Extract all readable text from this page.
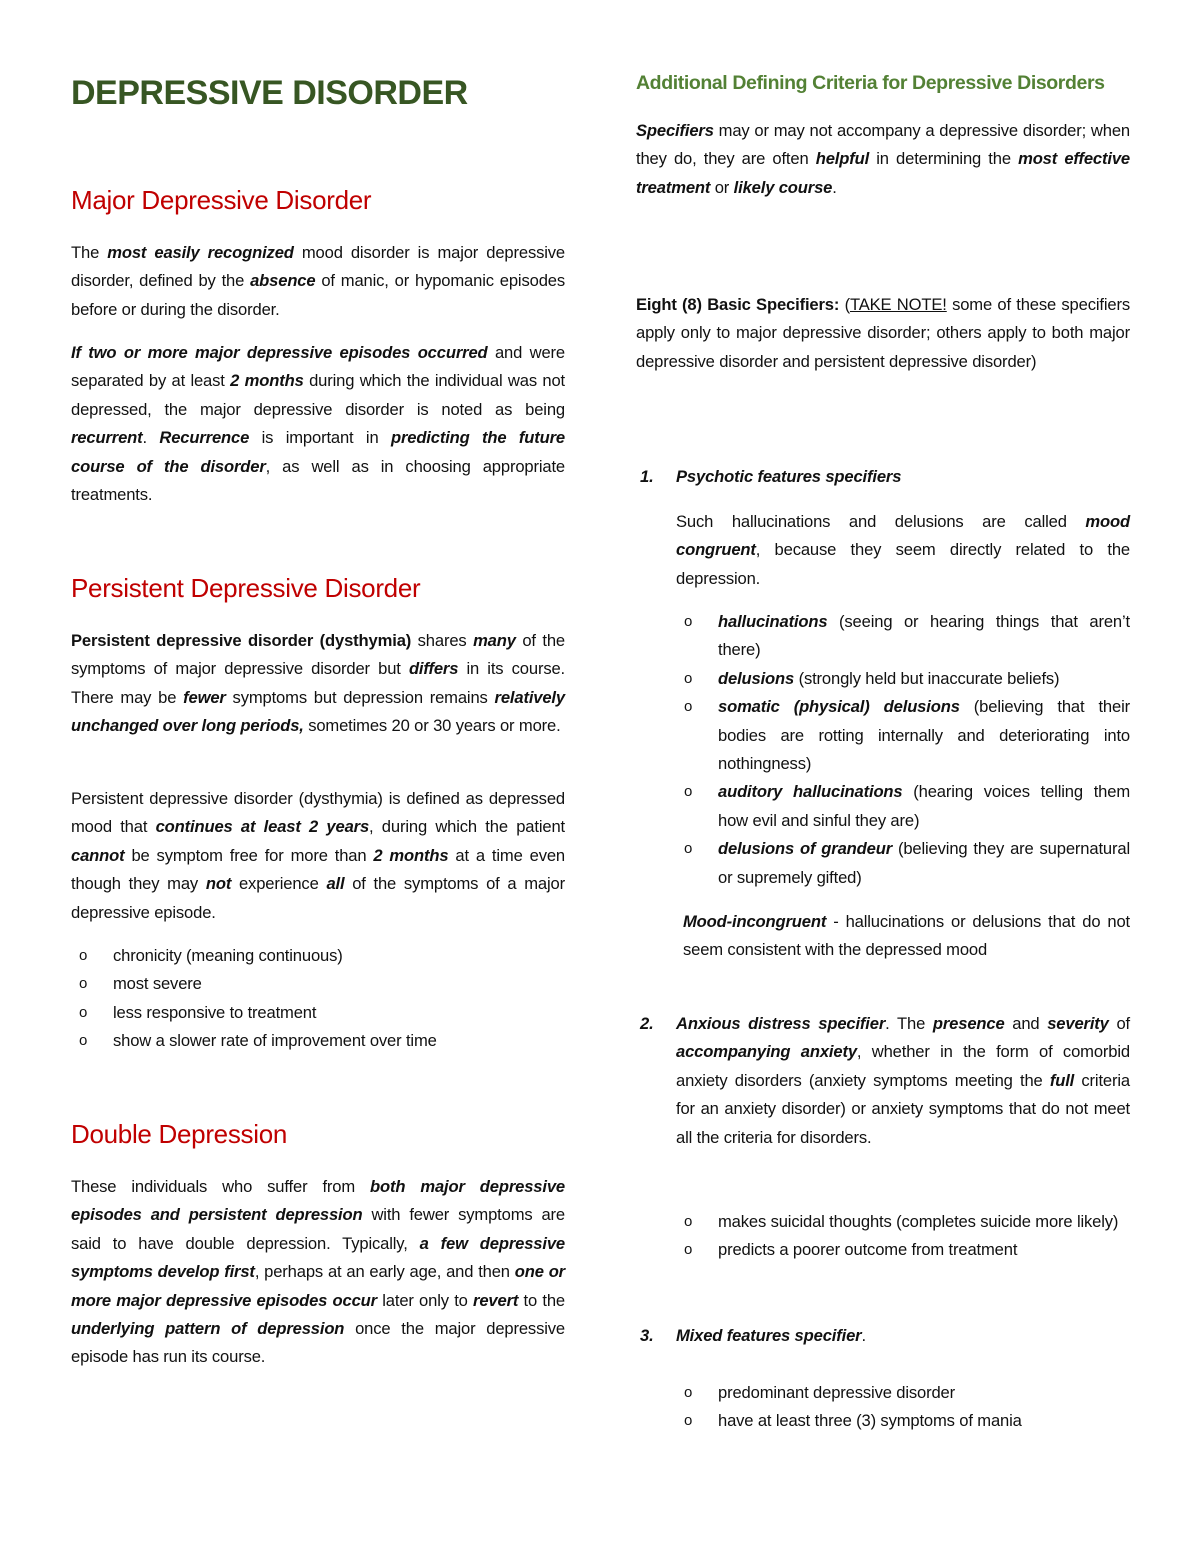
DEPRESSIVE DISORDER
Major Depressive Disorder
The most easily recognized mood disorder is major depressive disorder, defined by the absence of manic, or hypomanic episodes before or during the disorder.
If two or more major depressive episodes occurred and were separated by at least 2 months during which the individual was not depressed, the major depressive disorder is noted as being recurrent. Recurrence is important in predicting the future course of the disorder, as well as in choosing appropriate treatments.
Persistent Depressive Disorder
Persistent depressive disorder (dysthymia) shares many of the symptoms of major depressive disorder but differs in its course. There may be fewer symptoms but depression remains relatively unchanged over long periods, sometimes 20 or 30 years or more.
Persistent depressive disorder (dysthymia) is defined as depressed mood that continues at least 2 years, during which the patient cannot be symptom free for more than 2 months at a time even though they may not experience all of the symptoms of a major depressive episode.
o chronicity (meaning continuous)
o most severe
o less responsive to treatment
o show a slower rate of improvement over time
Double Depression
These individuals who suffer from both major depressive episodes and persistent depression with fewer symptoms are said to have double depression. Typically, a few depressive symptoms develop first, perhaps at an early age, and then one or more major depressive episodes occur later only to revert to the underlying pattern of depression once the major depressive episode has run its course.
Additional Defining Criteria for Depressive Disorders
Specifiers may or may not accompany a depressive disorder; when they do, they are often helpful in determining the most effective treatment or likely course.
Eight (8) Basic Specifiers: (TAKE NOTE! some of these specifiers apply only to major depressive disorder; others apply to both major depressive disorder and persistent depressive disorder)
1. Psychotic features specifiers
Such hallucinations and delusions are called mood congruent, because they seem directly related to the depression.
o hallucinations (seeing or hearing things that aren’t there)
o delusions (strongly held but inaccurate beliefs)
o somatic (physical) delusions (believing that their bodies are rotting internally and deteriorating into nothingness)
o auditory hallucinations (hearing voices telling them how evil and sinful they are)
o delusions of grandeur (believing they are supernatural or supremely gifted)
Mood-incongruent - hallucinations or delusions that do not seem consistent with the depressed mood
2. Anxious distress specifier. The presence and severity of accompanying anxiety, whether in the form of comorbid anxiety disorders (anxiety symptoms meeting the full criteria for an anxiety disorder) or anxiety symptoms that do not meet all the criteria for disorders.
o makes suicidal thoughts (completes suicide more likely)
o predicts a poorer outcome from treatment
3. Mixed features specifier.
o predominant depressive disorder
o have at least three (3) symptoms of mania
